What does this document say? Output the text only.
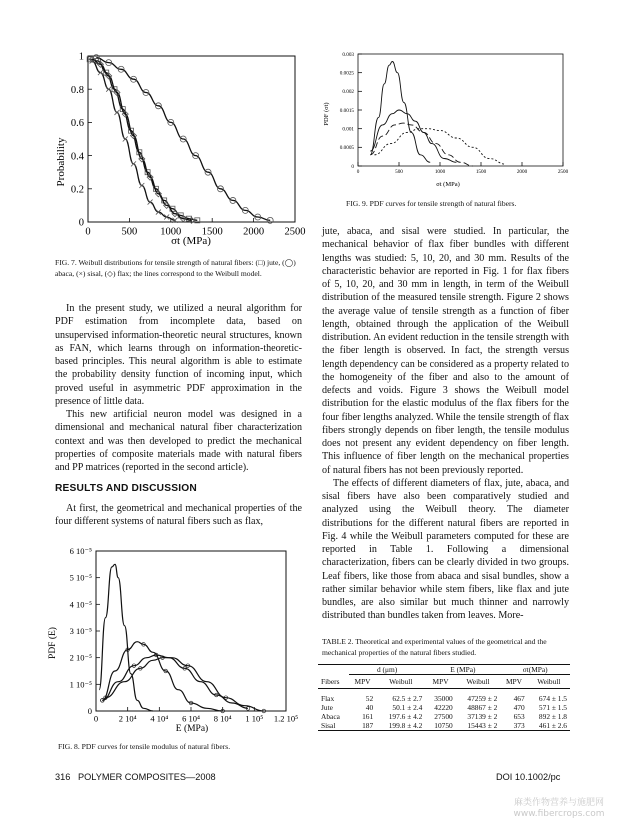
Probability
0	500 1000 1500 2000 2500
0
0.2
0.4
0.6
0.8
1
σt (MPa)
FIG. 7. Weibull distributions for tensile strength of natural fibers: (□) jute, (◯) abaca, (×) sisal, (◇) flax; the lines correspond to the Weibull model.
PDF (σt)
0	500	1000	1500	2000	2500
0
0.0005
0.001
0.0015
0.002
0.0025
0.003
σt (MPa)
FIG. 9. PDF curves for tensile strength of natural fibers.

In the present study, we utilized a neural algorithm for PDF estimation from incomplete data, based on unsupervised information-theoretic neural structures, known as FAN, which learns through on information-theoretic-based principles. This neural algorithm is able to estimate the probability density function of incoming input, which proved useful in asymmetric PDF approximation in the presence of little data.

This new artificial neuron model was designed in a dimensional and mechanical natural fiber characterization context and was then developed to predict the mechanical properties of composite materials made with natural fibers and PP matrices (reported in the second article).

RESULTS AND DISCUSSION

At first, the geometrical and mechanical properties of the four different systems of natural fibers such as flax,

PDF (E)
0 2 10⁴ 4 10⁴ 6 10⁴ 8 10⁴ 1 10⁵ 1.2 10⁵
0
1 10⁻⁵
2 10⁻⁵
3 10⁻⁵
4 10⁻⁵
5 10⁻⁵
6 10⁻⁵
E (MPa)
FIG. 8. PDF curves for tensile modulus of natural fibers.

jute, abaca, and sisal were studied. In particular, the mechanical behavior of flax fiber bundles with different lengths was studied: 5, 10, 20, and 30 mm. Results of the characteristic behavior are reported in Fig. 1 for flax fibers of 5, 10, 20, and 30 mm in length, in term of the Weibull distribution of the measured tensile strength. Figure 2 shows the average value of tensile strength as a function of fiber length, obtained through the application of the Weibull distribution. An evident reduction in the tensile strength with the fiber length is observed. In fact, the strength versus length dependency can be considered as a property related to the homogeneity of the fiber and also to the amount of defects and voids. Figure 3 shows the Weibull model distribution for the elastic modulus of the flax fibers for the four fiber lengths analyzed. While the tensile strength of flax fibers strongly depends on fiber length, the tensile modulus does not present any evident dependency on fiber length. This influence of fiber length on the mechanical properties of natural fibers has not been previously reported.

The effects of different diameters of flax, jute, abaca, and sisal fibers have also been comparatively studied and analyzed using the Weibull theory. The diameter distributions for the different natural fibers are reported in Fig. 4 while the Weibull parameters computed for these are reported in Table 1. Following a dimensional characterization, fibers can be clearly divided in two groups. Leaf fibers, like those from abaca and sisal bundles, show a rather similar behavior while stem fibers, like flax and jute bundles, are also similar but much thinner and narrowly distributed than bundles taken from leaves. More-

TABLE 2. Theoretical and experimental values of the geometrical and the mechanical properties of the natural fibers studied.
	d (μm)		E (MPa)		σt(MPa)	
Fibers	MPV	Weibull	MPV	Weibull	MPV	Weibull

Flax	52	62.5 ± 2.7	35000	47259 ± 2	467	674 ± 1.5
Jute	40	50.1 ± 2.4	42220	48867 ± 2	470	571 ± 1.5
Abaca	161	197.6 ± 4.2	27500	37139 ± 2	653	892 ± 1.8
Sisal	187	199.8 ± 4.2	10750	15443 ± 2	373	461 ± 2.6
316   POLYMER COMPOSITES—2008	DOI 10.1002/pc
麻类作物营养与施肥网
www.fibercrops.com
